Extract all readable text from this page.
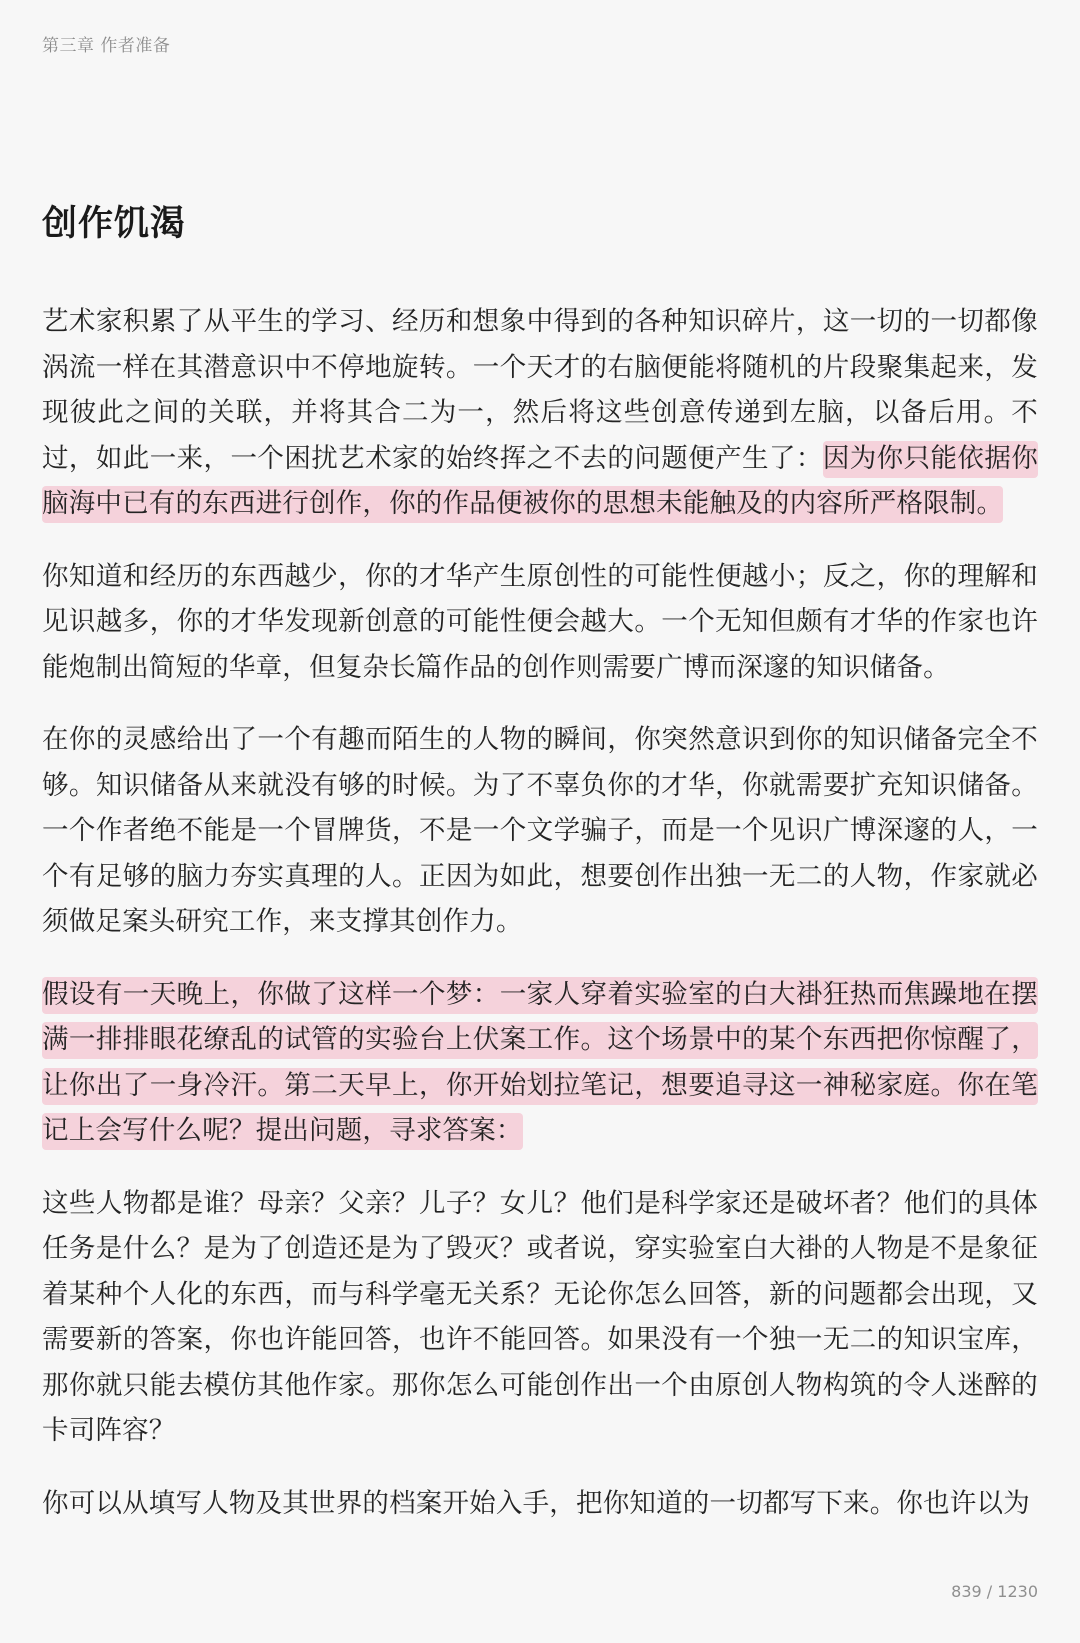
第三章 作者准备
创作饥渴

艺术家积累了从平生的学习、经历和想象中得到的各种知识碎片，这一切的一切都像涡流一样在其潜意识中不停地旋转。一个天才的右脑便能将随机的片段聚集起来，发现彼此之间的关联，并将其合二为一，然后将这些创意传递到左脑，以备后用。不过，如此一来，一个困扰艺术家的始终挥之不去的问题便产生了：因为你只能依据你脑海中已有的东西进行创作，你的作品便被你的思想未能触及的内容所严格限制。

你知道和经历的东西越少，你的才华产生原创性的可能性便越小；反之，你的理解和见识越多，你的才华发现新创意的可能性便会越大。一个无知但颇有才华的作家也许能炮制出简短的华章，但复杂长篇作品的创作则需要广博而深邃的知识储备。

在你的灵感给出了一个有趣而陌生的人物的瞬间，你突然意识到你的知识储备完全不够。知识储备从来就没有够的时候。为了不辜负你的才华，你就需要扩充知识储备。一个作者绝不能是一个冒牌货，不是一个文学骗子，而是一个见识广博深邃的人，一个有足够的脑力夯实真理的人。正因为如此，想要创作出独一无二的人物，作家就必须做足案头研究工作，来支撑其创作力。

假设有一天晚上，你做了这样一个梦：一家人穿着实验室的白大褂狂热而焦躁地在摆满一排排眼花缭乱的试管的实验台上伏案工作。这个场景中的某个东西把你惊醒了，让你出了一身冷汗。第二天早上，你开始划拉笔记，想要追寻这一神秘家庭。你在笔记上会写什么呢？提出问题，寻求答案：

这些人物都是谁？母亲？父亲？儿子？女儿？他们是科学家还是破坏者？他们的具体任务是什么？是为了创造还是为了毁灭？或者说，穿实验室白大褂的人物是不是象征着某种个人化的东西，而与科学毫无关系？无论你怎么回答，新的问题都会出现，又需要新的答案，你也许能回答，也许不能回答。如果没有一个独一无二的知识宝库，那你就只能去模仿其他作家。那你怎么可能创作出一个由原创人物构筑的令人迷醉的卡司阵容？

你可以从填写人物及其世界的档案开始入手，把你知道的一切都写下来。你也许以为

839 / 1230
